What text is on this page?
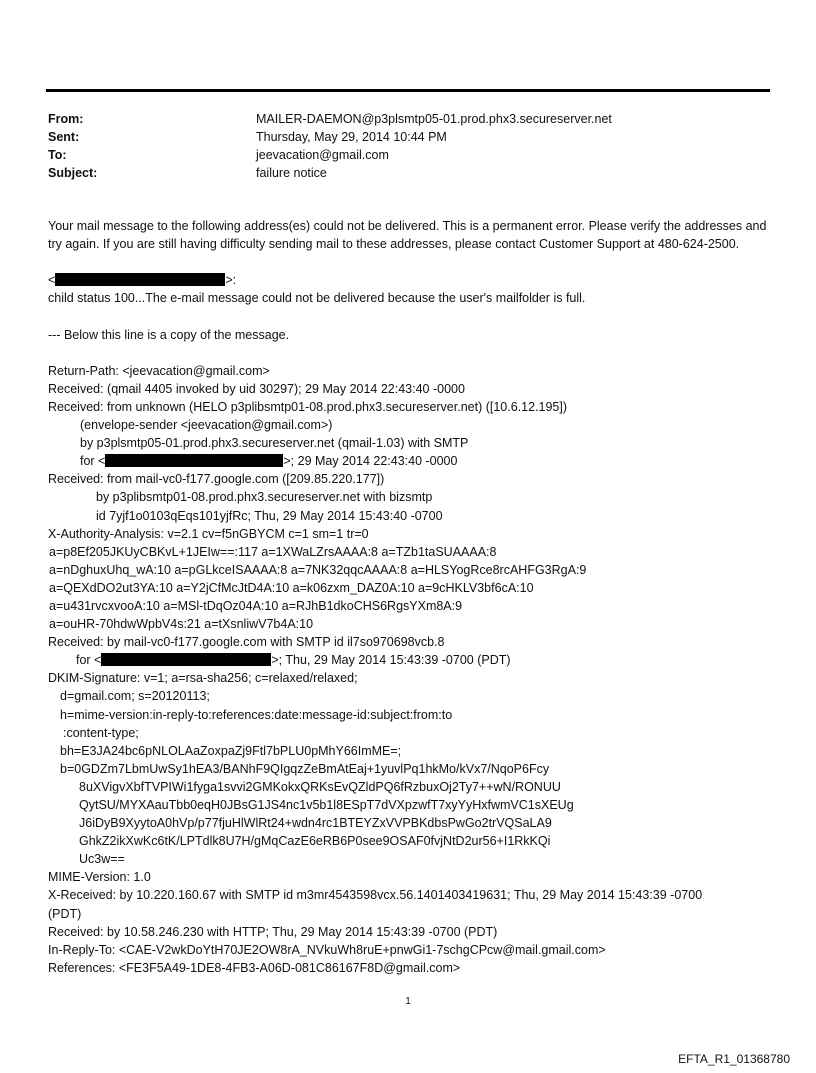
From:	MAILER-DAEMON@p3plsmtp05-01.prod.phx3.secureserver.net
Sent:	Thursday, May 29, 2014 10:44 PM
To:	jeevacation@gmail.com
Subject:	failure notice
Your mail message to the following address(es) could not be delivered. This is a permanent error. Please verify the addresses and try again. If you are still having difficulty sending mail to these addresses, please contact Customer Support at 480-624-2500.
<	>:
child status 100...The e-mail message could not be delivered because the user's mailfolder is full.
--- Below this line is a copy of the message.
Return-Path: <jeevacation@gmail.com>
Received: (qmail 4405 invoked by uid 30297); 29 May 2014 22:43:40 -0000
Received: from unknown (HELO p3plibsmtp01-08.prod.phx3.secureserver.net) ([10.6.12.195])
(envelope-sender <jeevacation@gmail.com>)
by p3plsmtp05-01.prod.phx3.secureserver.net (qmail-1.03) with SMTP
for <	>; 29 May 2014 22:43:40 -0000
Received: from mail-vc0-f177.google.com ([209.85.220.177])
by p3plibsmtp01-08.prod.phx3.secureserver.net with bizsmtp
id 7yjf1o0103qEqs101yjfRc; Thu, 29 May 2014 15:43:40 -0700
X-Authority-Analysis: v=2.1 cv=f5nGBYCM c=1 sm=1 tr=0
a=p8Ef205JKUyCBKvL+1JEIw==:117 a=1XWaLZrsAAAA:8 a=TZb1taSUAAAA:8
a=nDghuxUhq_wA:10 a=pGLkceISAAAA:8 a=7NK32qqcAAAA:8 a=HLSYogRce8rcAHFG3RgA:9
a=QEXdDO2ut3YA:10 a=Y2jCfMcJtD4A:10 a=k06zxm_DAZ0A:10 a=9cHKLV3bf6cA:10
a=u431rvcxvooA:10 a=MSl-tDqOz04A:10 a=RJhB1dkoCHS6RgsYXm8A:9
a=ouHR-70hdwWpbV4s:21 a=tXsnliwV7b4A:10
Received: by mail-vc0-f177.google.com with SMTP id il7so970698vcb.8
for <	>; Thu, 29 May 2014 15:43:39 -0700 (PDT)
DKIM-Signature: v=1; a=rsa-sha256; c=relaxed/relaxed;
d=gmail.com; s=20120113;
h=mime-version:in-reply-to:references:date:message-id:subject:from:to
:content-type;
bh=E3JA24bc6pNLOLAaZoxpaZj9Ftl7bPLU0pMhY66ImME=;
b=0GDZm7LbmUwSy1hEA3/BANhF9QIgqzZeBmAtEaj+1yuvlPq1hkMo/kVx7/NqoP6Fcy
8uXVigvXbfTVPIWi1fyga1svvi2GMKokxQRKsEvQZldPQ6fRzbuxOj2Ty7++wN/RONUU
QytSU/MYXAauTbb0eqH0JBsG1JS4nc1v5b1l8ESpT7dVXpzwfT7xyYyHxfwmVC1sXEUg
J6iDyB9XyytoA0hVp/p77fjuHlWlRt24+wdn4rc1BTEYZxVVPBKdbsPwGo2trVQSaLA9
GhkZ2ikXwKc6tK/LPTdlk8U7H/gMqCazE6eRB6P0see9OSAF0fvjNtD2ur56+I1RkKQi
Uc3w==
MIME-Version: 1.0
X-Received: by 10.220.160.67 with SMTP id m3mr4543598vcx.56.1401403419631; Thu, 29 May 2014 15:43:39 -0700
(PDT)
Received: by 10.58.246.230 with HTTP; Thu, 29 May 2014 15:43:39 -0700 (PDT)
In-Reply-To: <CAE-V2wkDoYtH70JE2OW8rA_NVkuWh8ruE+pnwGi1-7schgCPcw@mail.gmail.com>
References: <FE3F5A49-1DE8-4FB3-A06D-081C86167F8D@gmail.com>
1
EFTA_R1_01368780
